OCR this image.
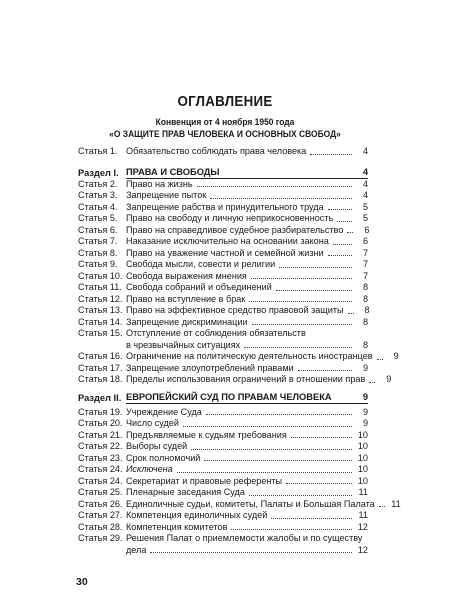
ОГЛАВЛЕНИЕ
Конвенция от 4 ноября 1950 года
«О ЗАЩИТЕ ПРАВ ЧЕЛОВЕКА И ОСНОВНЫХ СВОБОД»
Статья 1. Обязательство соблюдать права человека	4
Раздел I. ПРАВА И СВОБОДЫ	4
Статья 2. Право на жизнь	4
Статья 3. Запрещение пыток	4
Статья 4. Запрещение рабства и принудительного труда	5
Статья 5. Право на свободу и личную неприкосновенность	5
Статья 6. Право на справедливое судебное разбирательство	6
Статья 7. Наказание исключительно на основании закона	6
Статья 8. Право на уважение частной и семейной жизни	7
Статья 9. Свобода мысли, совести и религии	7
Статья 10. Свобода выражения мнения	7
Статья 11. Свобода собраний и объединений	8
Статья 12. Право на вступление в брак	8
Статья 13. Право на эффективное средство правовой защиты	8
Статья 14. Запрещение дискриминации	8
Статья 15. Отступление от соблюдения обязательств
в чрезвычайных ситуациях	8
Статья 16. Ограничение на политическую деятельность иностранцев	9
Статья 17. Запрещение злоупотреблений правами	9
Статья 18. Пределы использования ограничений в отношении прав	9
Раздел II. ЕВРОПЕЙСКИЙ СУД ПО ПРАВАМ ЧЕЛОВЕКА	9
Статья 19. Учреждение Суда	9
Статья 20. Число судей	9
Статья 21. Предъявляемые к судьям требования	10
Статья 22. Выборы судей	10
Статья 23. Срок полномочий	10
Статья 24. Исключена	10
Статья 24. Секретариат и правовые референты	10
Статья 25. Пленарные заседания Суда	11
Статья 26. Единоличные судьи, комитеты, Палаты и Большая Палата 11
Статья 27. Компетенция единоличных судей	11
Статья 28. Компетенция комитетов	12
Статья 29. Решения Палат о приемлемости жалобы и по существу
дела	12
30
